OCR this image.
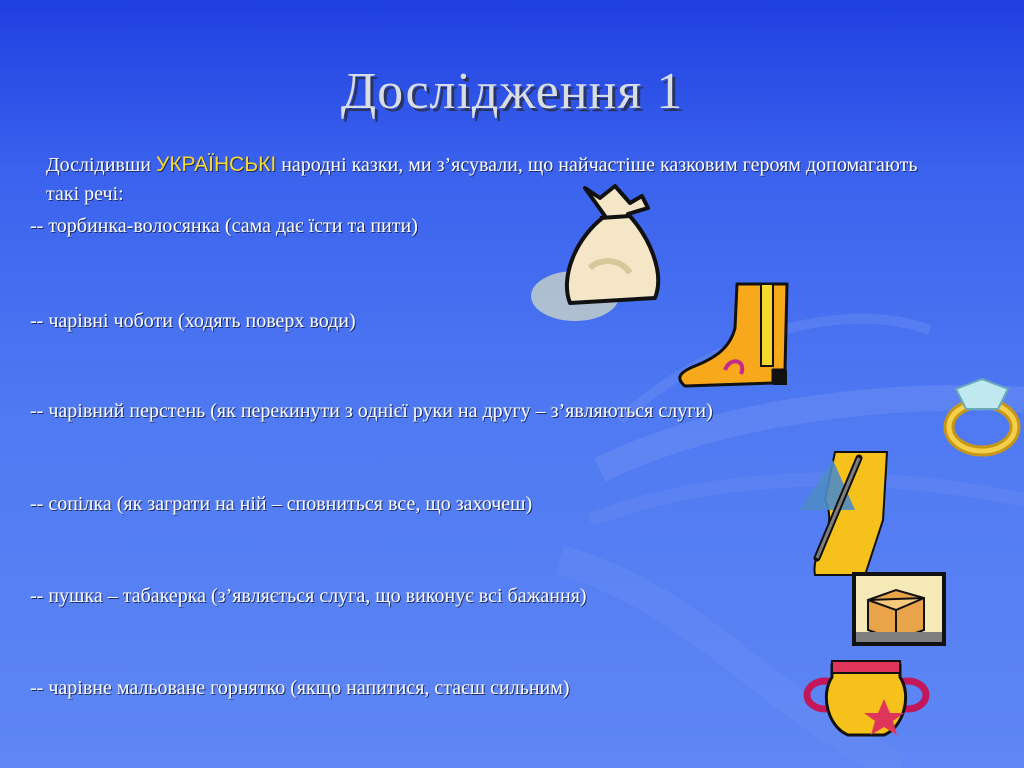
Дослідження 1
Дослідивши УКРАЇНСЬКІ народні казки, ми з’ясували, що найчастіше казковим героям допомагають такі речі:
-- торбинка-волосянка (сама дає їсти та пити)
-- чарівні чоботи (ходять поверх води)
-- чарівний перстень (як перекинути з однієї руки на другу – з’являються слуги)
-- сопілка (як заграти на ній – сповниться все, що захочеш)
-- пушка – табакерка (з’являється слуга, що виконує всі бажання)
-- чарівне мальоване горнятко (якщо напитися, стаєш сильним)
